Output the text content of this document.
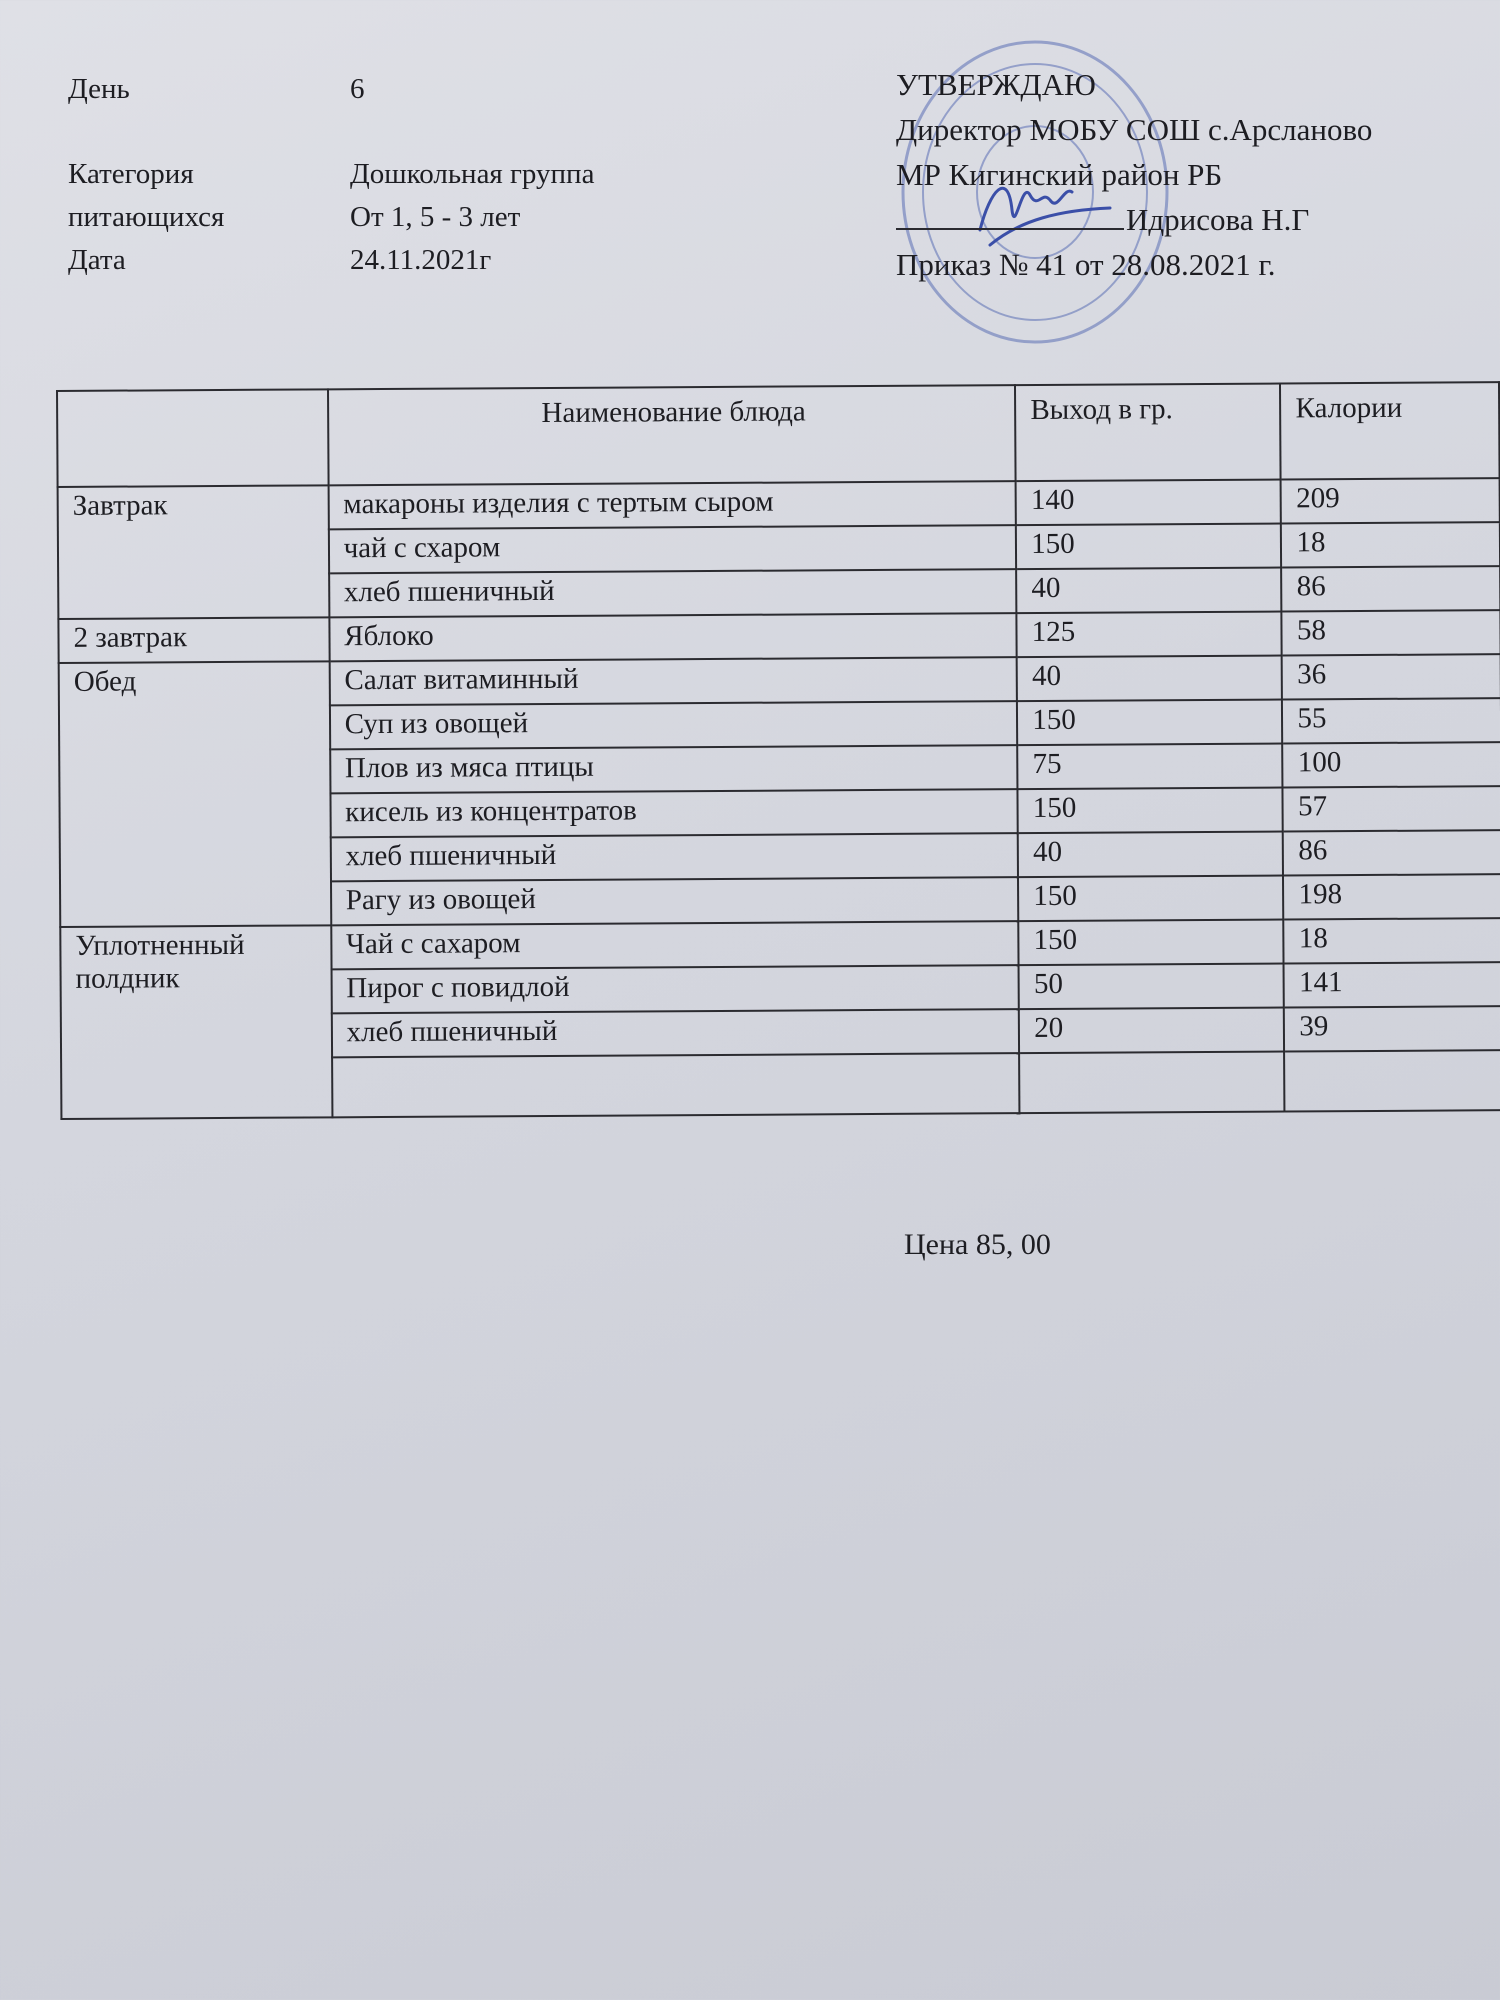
День	6
Категория	Дошкольная группа
питающихся	От 1, 5 - 3 лет
Дата	24.11.2021г
УТВЕРЖДАЮ
Директор МОБУ СОШ с.Арсланово
МР Кигинский район РБ
Идрисова Н.Г
Приказ № 41 от 28.08.2021 г.
	Наименование блюда	Выход в гр.	Калории
Завтрак	макароны изделия с тертым сыром	140	209
	чай с схаром	150	18
	хлеб пшеничный	40	86
2 завтрак	Яблоко	125	58
Обед	Салат витаминный	40	36
	Суп из овощей	150	55
	Плов из мяса птицы	75	100
	кисель из концентратов	150	57
	хлеб пшеничный	40	86
	Рагу из овощей	150	198
Уплотненный полдник	Чай с сахаром	150	18
	Пирог с повидлой	50	141
	хлеб пшеничный	20	39

Цена 85, 00
